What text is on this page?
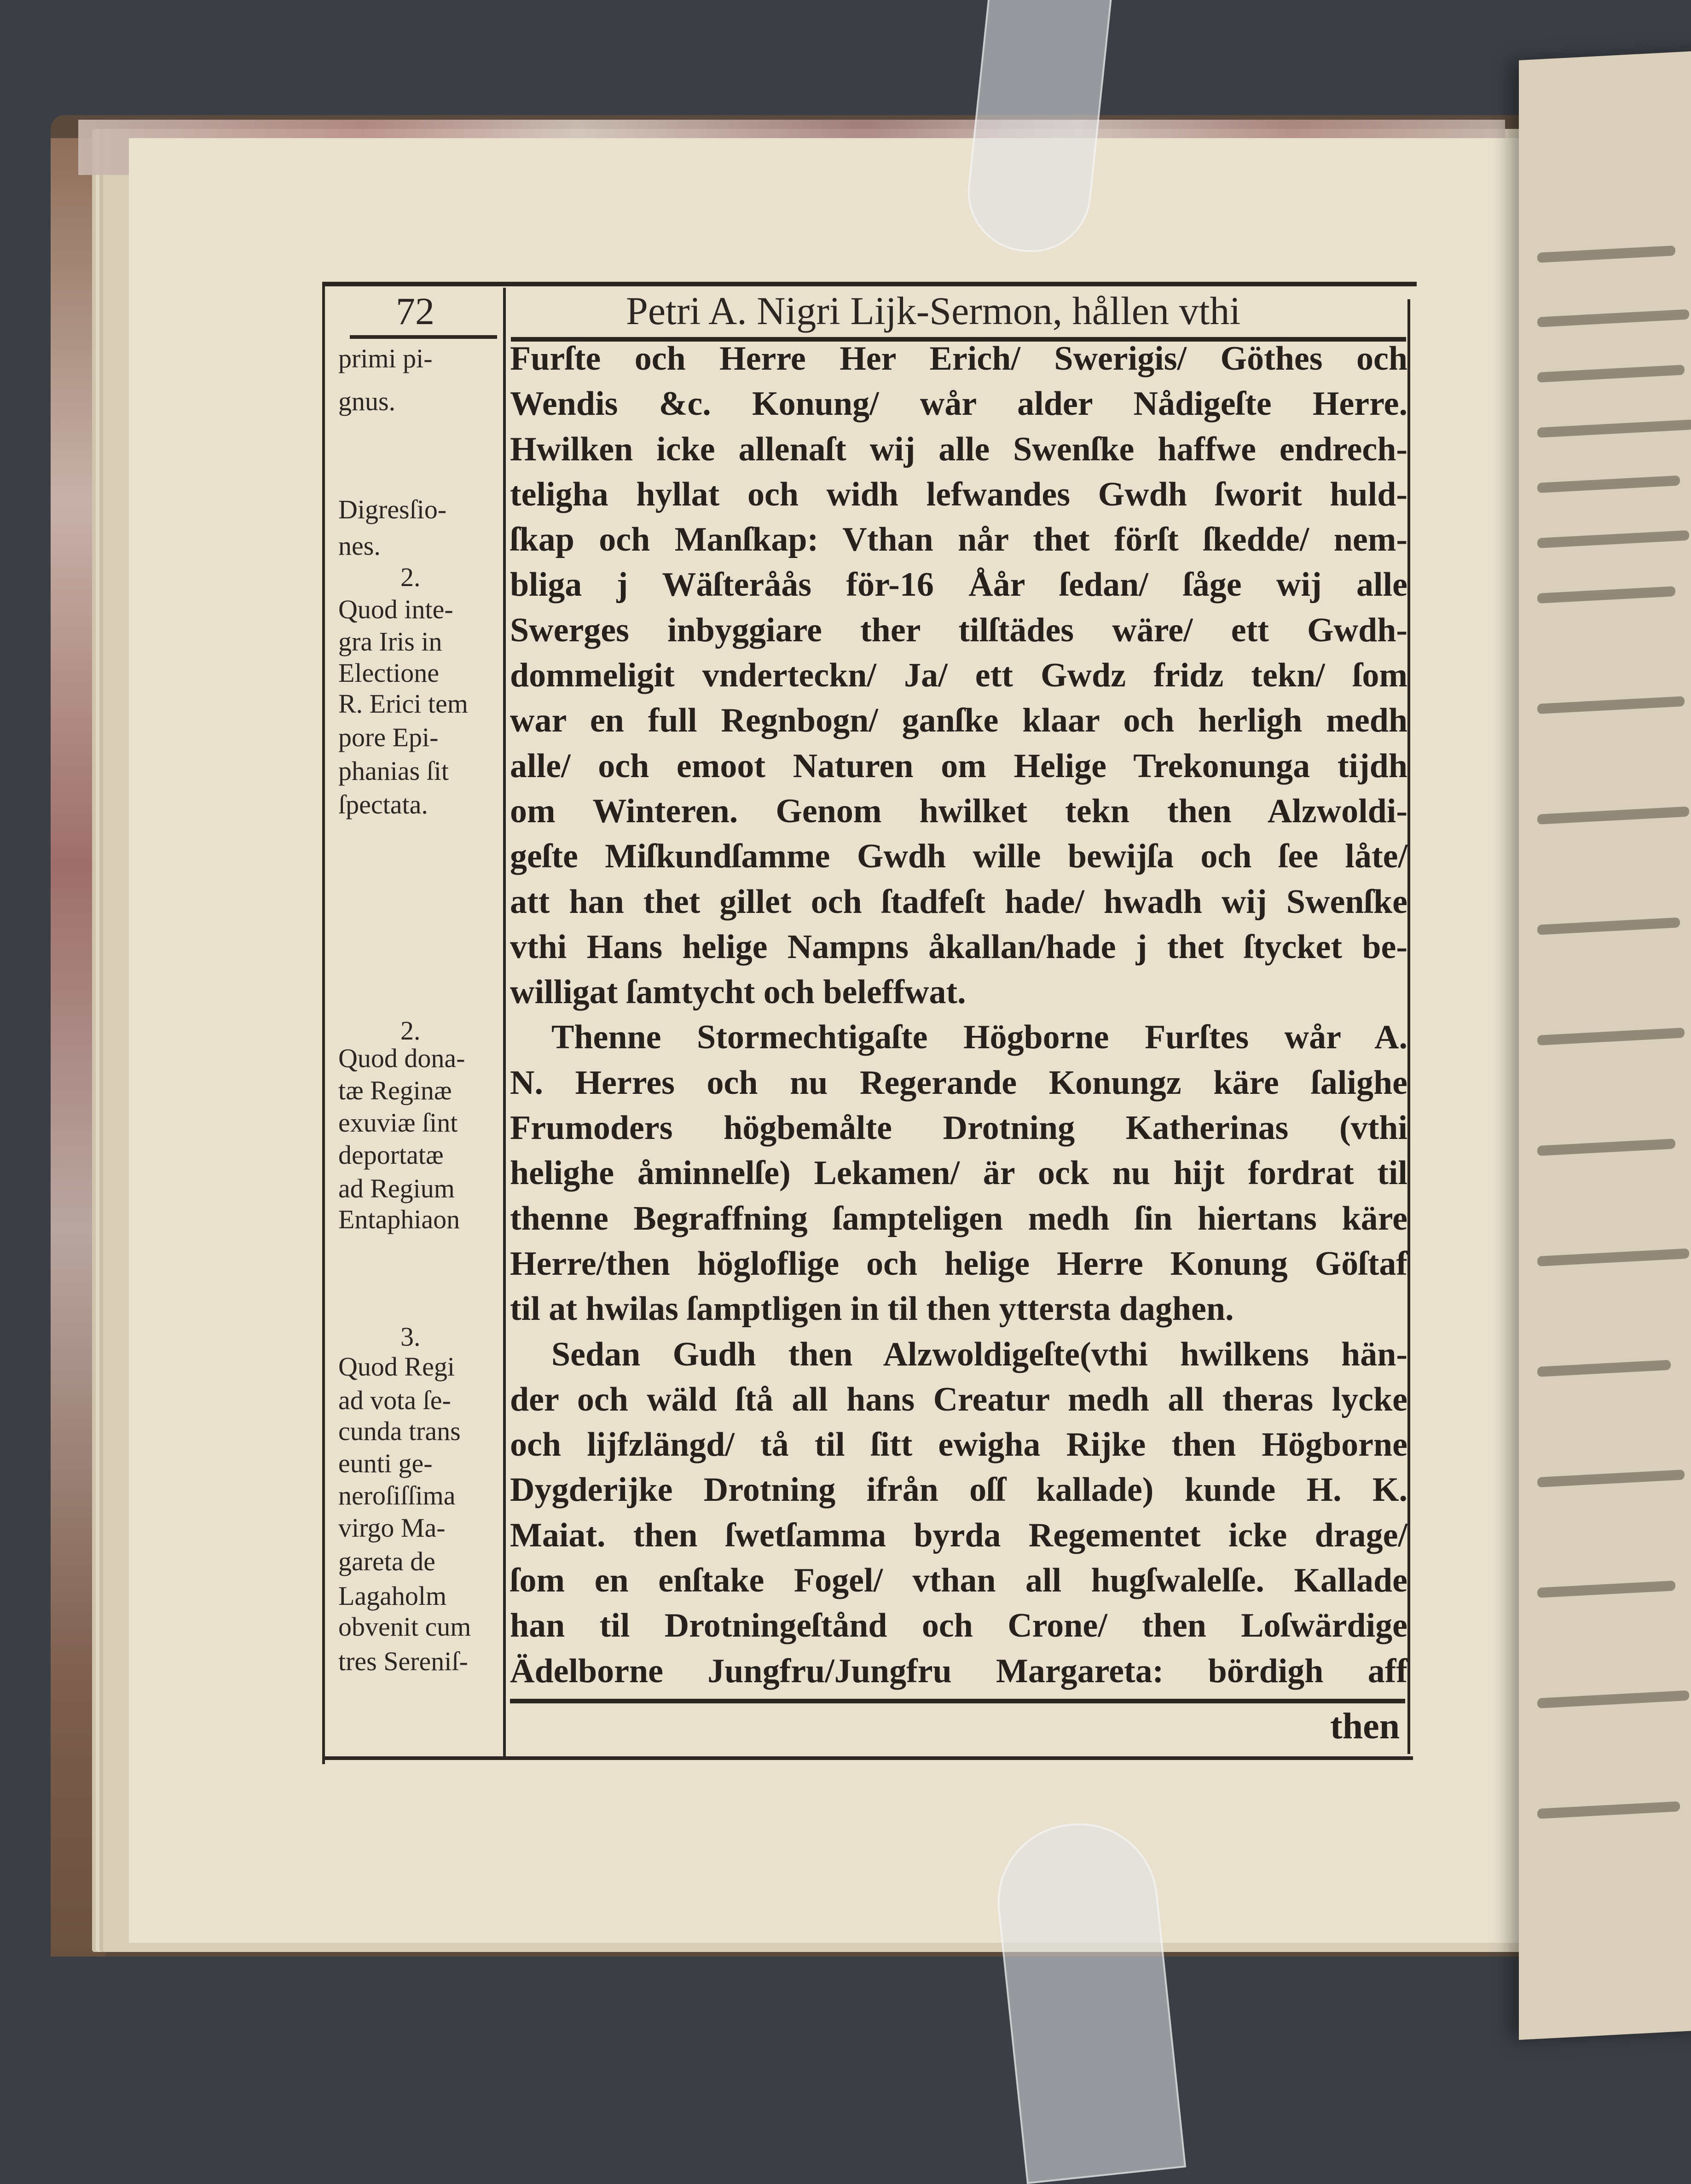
72	Petri A. Nigri Lijk-Sermon, hållen vthi
Furſte och Herre Her Erich/ Swerigis/ Göthes och
Wendis &c. Konung/ wår alder Nådigeſte Herre.
Hwilken icke allenaſt wij alle Swenſke haffwe endrech-
teligha hyllat och widh lefwandes Gwdh ſworit huld-
ſkap och Manſkap: Vthan når thet förſt ſkedde/ nem-
bliga j Wäſteråås för-16 Åår ſedan/ ſåge wij alle
Swerges inbyggiare ther tilſtädes wäre/ ett Gwdh-
dommeligit vnderteckn/ Ja/ ett Gwdz fridz tekn/ ſom
war en full Regnbogn/ ganſke klaar och herligh medh
alle/ och emoot Naturen om Helige Trekonunga tijdh
om Winteren. Genom hwilket tekn then Alzwoldi-
geſte Miſkundſamme Gwdh wille bewijſa och ſee låte/
att han thet gillet och ſtadfeſt hade/ hwadh wij Swenſke
vthi Hans helige Nampns åkallan/hade j thet ſtycket be-
willigat ſamtycht och beleffwat.
Thenne Stormechtigaſte Högborne Furſtes wår A.
N. Herres och nu Regerande Konungz käre ſalighe
Frumoders högbemålte Drotning Katherinas (vthi
helighe åminnelſe) Lekamen/ är ock nu hijt fordrat til
thenne Begraffning ſampteligen medh ſin hiertans käre
Herre/then högloflige och helige Herre Konung Göſtaf
til at hwilas ſamptligen in til then yttersta daghen.
Sedan Gudh then Alzwoldigeſte(vthi hwilkens hän-
der och wäld ſtå all hans Creatur medh all theras lycke
och lijfzlängd/ tå til ſitt ewigha Rijke then Högborne
Dygderijke Drotning ifrån oſſ kallade) kunde H. K.
Maiat. then ſwetſamma byrda Regementet icke drage/
ſom en enſtake Fogel/ vthan all hugſwalelſe. Kallade
han til Drotningeſtånd och Crone/ then Loſwärdige
Ädelborne Jungfru/Jungfru Margareta: bördigh aff
primi pi-
gnus.
Digresſio-
nes.
2.
Quod inte-
gra Iris in
Electione
R. Erici tem
pore Epi-
phanias ſit
ſpectata.
2.
Quod dona-
tæ Reginæ
exuviæ ſint
deportatæ
ad Regium
Entaphiaon
3.
Quod Regi
ad vota ſe-
cunda trans
eunti ge-
neroſiſſima
virgo Ma-
gareta de
Lagaholm
obvenit cum
tres Sereniſ-
then
